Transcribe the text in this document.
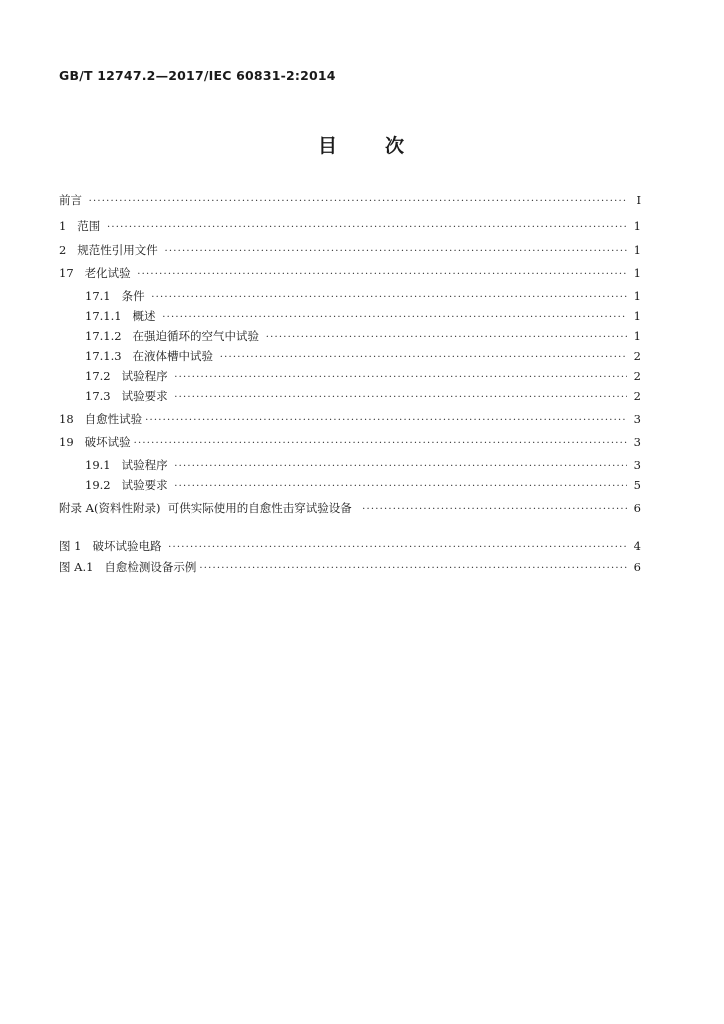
GB/T 12747.2—2017/IEC 60831-2:2014
目 次
前言 ·····	Ⅰ
1 范围 ·····	1
2 规范性引用文件 ·····	1
17 老化试验 ·····	1
17.1 条件 ·····	1
17.1.1 概述 ·····	1
17.1.2 在强迫循环的空气中试验 ·····	1
17.1.3 在液体槽中试验 ·····	2
17.2 试验程序 ·····	2
17.3 试验要求 ·····	2
18 自愈性试验 ·····	3
19 破坏试验 ·····	3
19.1 试验程序 ·····	3
19.2 试验要求 ·····	5
附录 A(资料性附录)  可供实际使用的自愈性击穿试验设备 ·····	6
图 1 破坏试验电路 ·····	4
图 A.1 自愈检测设备示例 ·····	6
